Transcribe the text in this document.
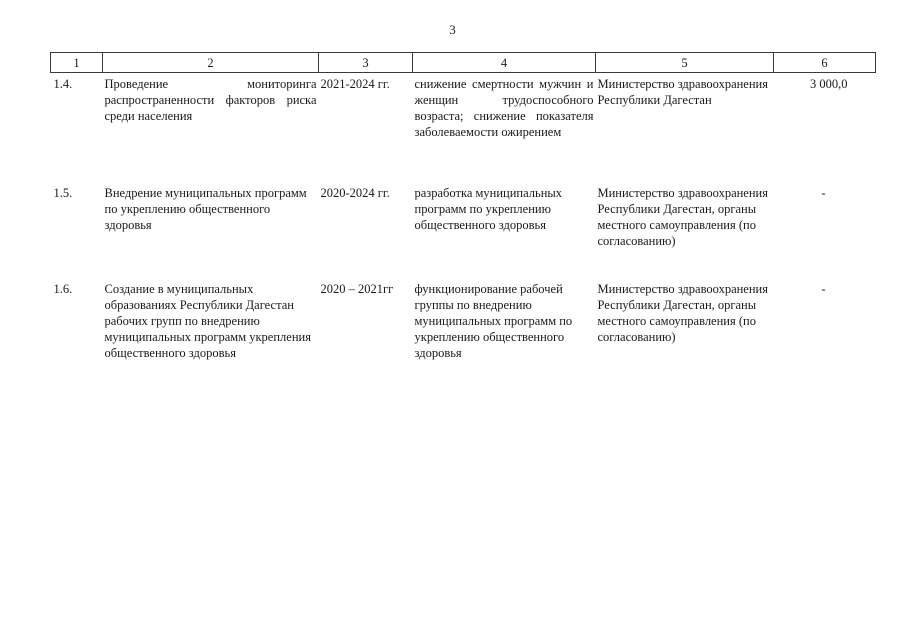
3
1	2	3	4	5	6
1.4.	Проведение мониторинга распространенности факторов риска среди населения	2021-2024 гг.	снижение смертности мужчин и женщин трудоспособного возраста; снижение показателя заболеваемости ожирением	Министерство здравоохранения Республики Дагестан	3 000,0
1.5.	Внедрение муниципальных программ по укреплению общественного здоровья	2020-2024 гг.	разработка муниципальных программ по укреплению общественного здоровья	Министерство здравоохранения Республики Дагестан, органы местного самоуправления (по согласованию)	-
1.6.	Создание в муниципальных образованиях Республики Дагестан рабочих групп по внедрению муниципальных программ укрепления общественного здоровья	2020 – 2021гг	функционирование рабочей группы по внедрению муниципальных программ по укреплению общественного здоровья	Министерство здравоохранения Республики Дагестан, органы местного самоуправления (по согласованию)	-
